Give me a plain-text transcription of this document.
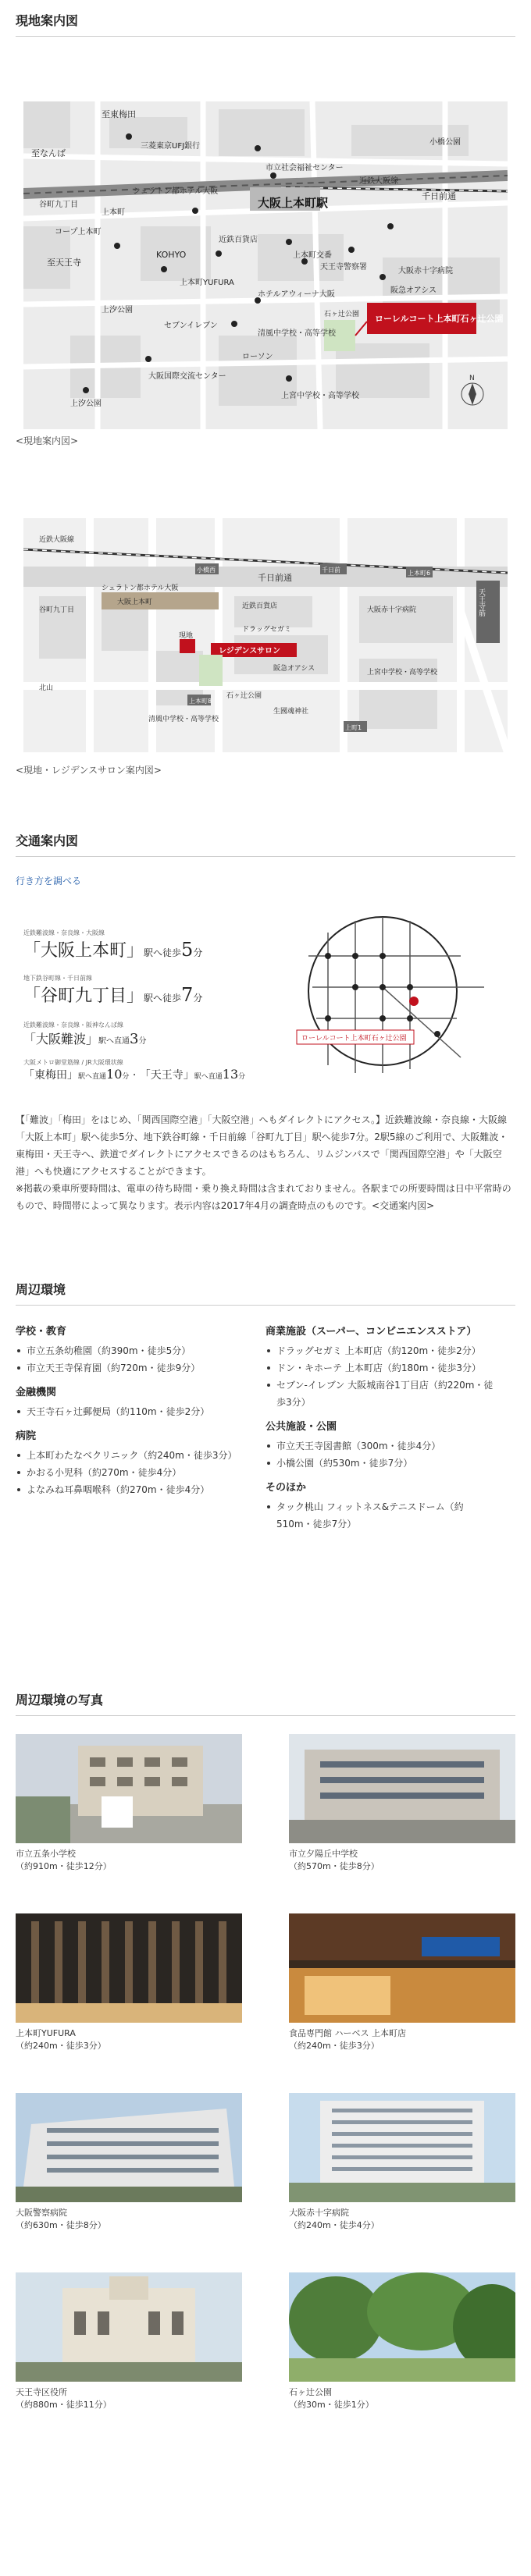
現地案内図
N
至東梅田
至なんば
至天王寺
千日前通
大阪上本町駅
近鉄大阪線
三菱東京UFJ銀行
市立社会福祉センター
上本町
コープ上本町
近鉄百貨店
シェラトン都ホテル大阪
谷町九丁目
KOHYO
上本町YUFURA
上本町交番
天王寺警察署
上汐公園
セブンイレブン
大阪赤十字病院
ホテルアウィーナ大阪
清風中学校・高等学校
ローソン
石ヶ辻公園
大阪国際交流センター
上宮中学校・高等学校
阪急オアシス
ローレルコート上本町石ヶ辻公園
小橋公園
上汐公園
<現地案内図>
千日前通
小橋西	上本町6
千日前
近鉄大阪線
シェラトン都ホテル大阪
大阪上本町
谷町九丁目	近鉄百貨店	大阪赤十字病院
上宮中学校・高等学校
ドラッグセガミ
阪急オアシス
現地
レジデンスサロン
清風中学校・高等学校
石ヶ辻公園
上本町8
上町1
北山
生國魂神社
天王寺筋
<現地・レジデンスサロン案内図>
交通案内図
行き方を調べる
近鉄難波線・奈良線・大阪線
「大阪上本町」駅へ徒歩5分
地下鉄谷町線・千日前線
「谷町九丁目」駅へ徒歩7分
近鉄難波線・奈良線・阪神なんば線
「大阪難波」駅へ直通3分
大阪メトロ御堂筋線 / JR大阪環状線
「東梅田」駅へ直通10分 · 「天王寺」駅へ直通13分
ローレルコート上本町石ヶ辻公園
【「難波」「梅田」をはじめ、「関西国際空港」「大阪空港」へもダイレクトにアクセス。】近鉄難波線・奈良線・大阪線「大阪上本町」駅へ徒歩5分、地下鉄谷町線・千日前線「谷町九丁目」駅へ徒歩7分。2駅5線のご利用で、大阪難波・東梅田・天王寺へ、鉄道でダイレクトにアクセスできるのはもちろん、リムジンバスで「関西国際空港」や「大阪空港」へも快適にアクセスすることができます。
※掲載の乗車所要時間は、電車の待ち時間・乗り換え時間は含まれておりません。各駅までの所要時間は日中平常時のもので、時間帯によって異なります。表示内容は2017年4月の調査時点のものです。<交通案内図>
周辺環境
学校・教育
市立五条幼稚園（約390m・徒歩5分）
市立天王寺保育園（約720m・徒歩9分）
金融機関
天王寺石ヶ辻郵便局（約110m・徒歩2分）
病院
上本町わたなべクリニック（約240m・徒歩3分）
かおる小児科（約270m・徒歩4分）
よなみね耳鼻咽喉科（約270m・徒歩4分）
商業施設（スーパー、コンビニエンスストア）
ドラッグセガミ 上本町店（約120m・徒歩2分）
ドン・キホーテ 上本町店（約180m・徒歩3分）
セブン-イレブン 大阪城南谷1丁目店（約220m・徒歩3分）
公共施設・公園
市立天王寺図書館（300m・徒歩4分）
小橋公園（約530m・徒歩7分）
そのほか
タック桃山 フィットネス&テニスドーム（約510m・徒歩7分）
周辺環境の写真
市立五条小学校
（約910m・徒歩12分）
市立夕陽丘中学校
（約570m・徒歩8分）
上本町YUFURA
（約240m・徒歩3分）
食品専門館 ハーベス 上本町店
（約240m・徒歩3分）
大阪警察病院
（約630m・徒歩8分）
大阪赤十字病院
（約240m・徒歩4分）
天王寺区役所
（約880m・徒歩11分）
石ヶ辻公園
（約30m・徒歩1分）
